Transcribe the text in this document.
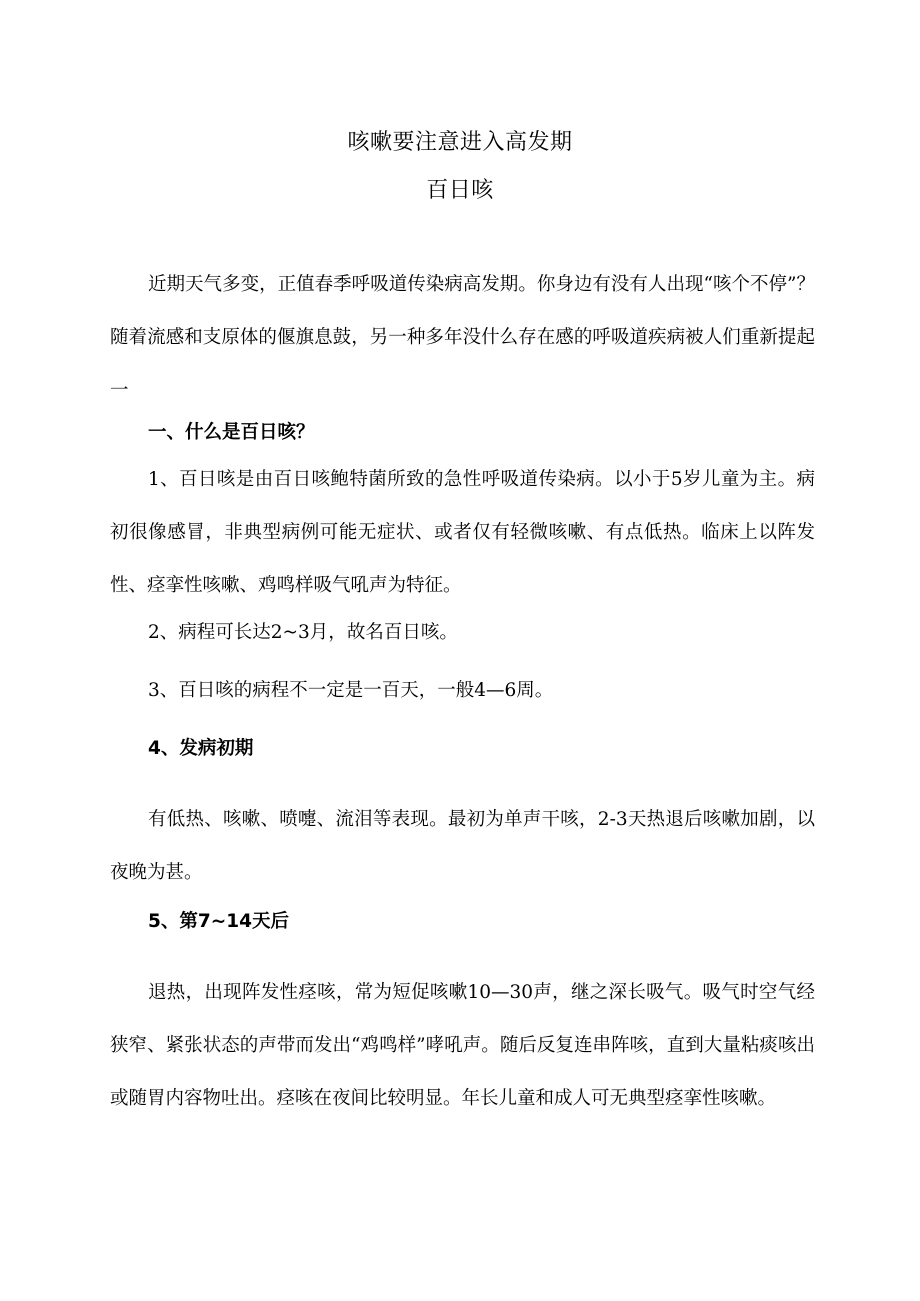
咳嗽要注意进入高发期
百日咳

近期天气多变，正值春季呼吸道传染病高发期。你身边有没有人出现“咳个不停”？随着流感和支原体的偃旗息鼓，另一种多年没什么存在感的呼吸道疾病被人们重新提起一

一、什么是百日咳？

1、百日咳是由百日咳鲍特菌所致的急性呼吸道传染病。以小于5岁儿童为主。病初很像感冒，非典型病例可能无症状、或者仅有轻微咳嗽、有点低热。临床上以阵发性、痉挛性咳嗽、鸡鸣样吸气吼声为特征。

2、病程可长达2~3月，故名百日咳。

3、百日咳的病程不一定是一百天，一般4—6周。

4、发病初期

有低热、咳嗽、喷嚏、流泪等表现。最初为单声干咳，2-3天热退后咳嗽加剧，以夜晚为甚。

5、第7~14天后

退热，出现阵发性痉咳，常为短促咳嗽10—30声，继之深长吸气。吸气时空气经狭窄、紧张状态的声带而发出“鸡鸣样”哮吼声。随后反复连串阵咳，直到大量粘痰咳出或随胃内容物吐出。痉咳在夜间比较明显。年长儿童和成人可无典型痉挛性咳嗽。
